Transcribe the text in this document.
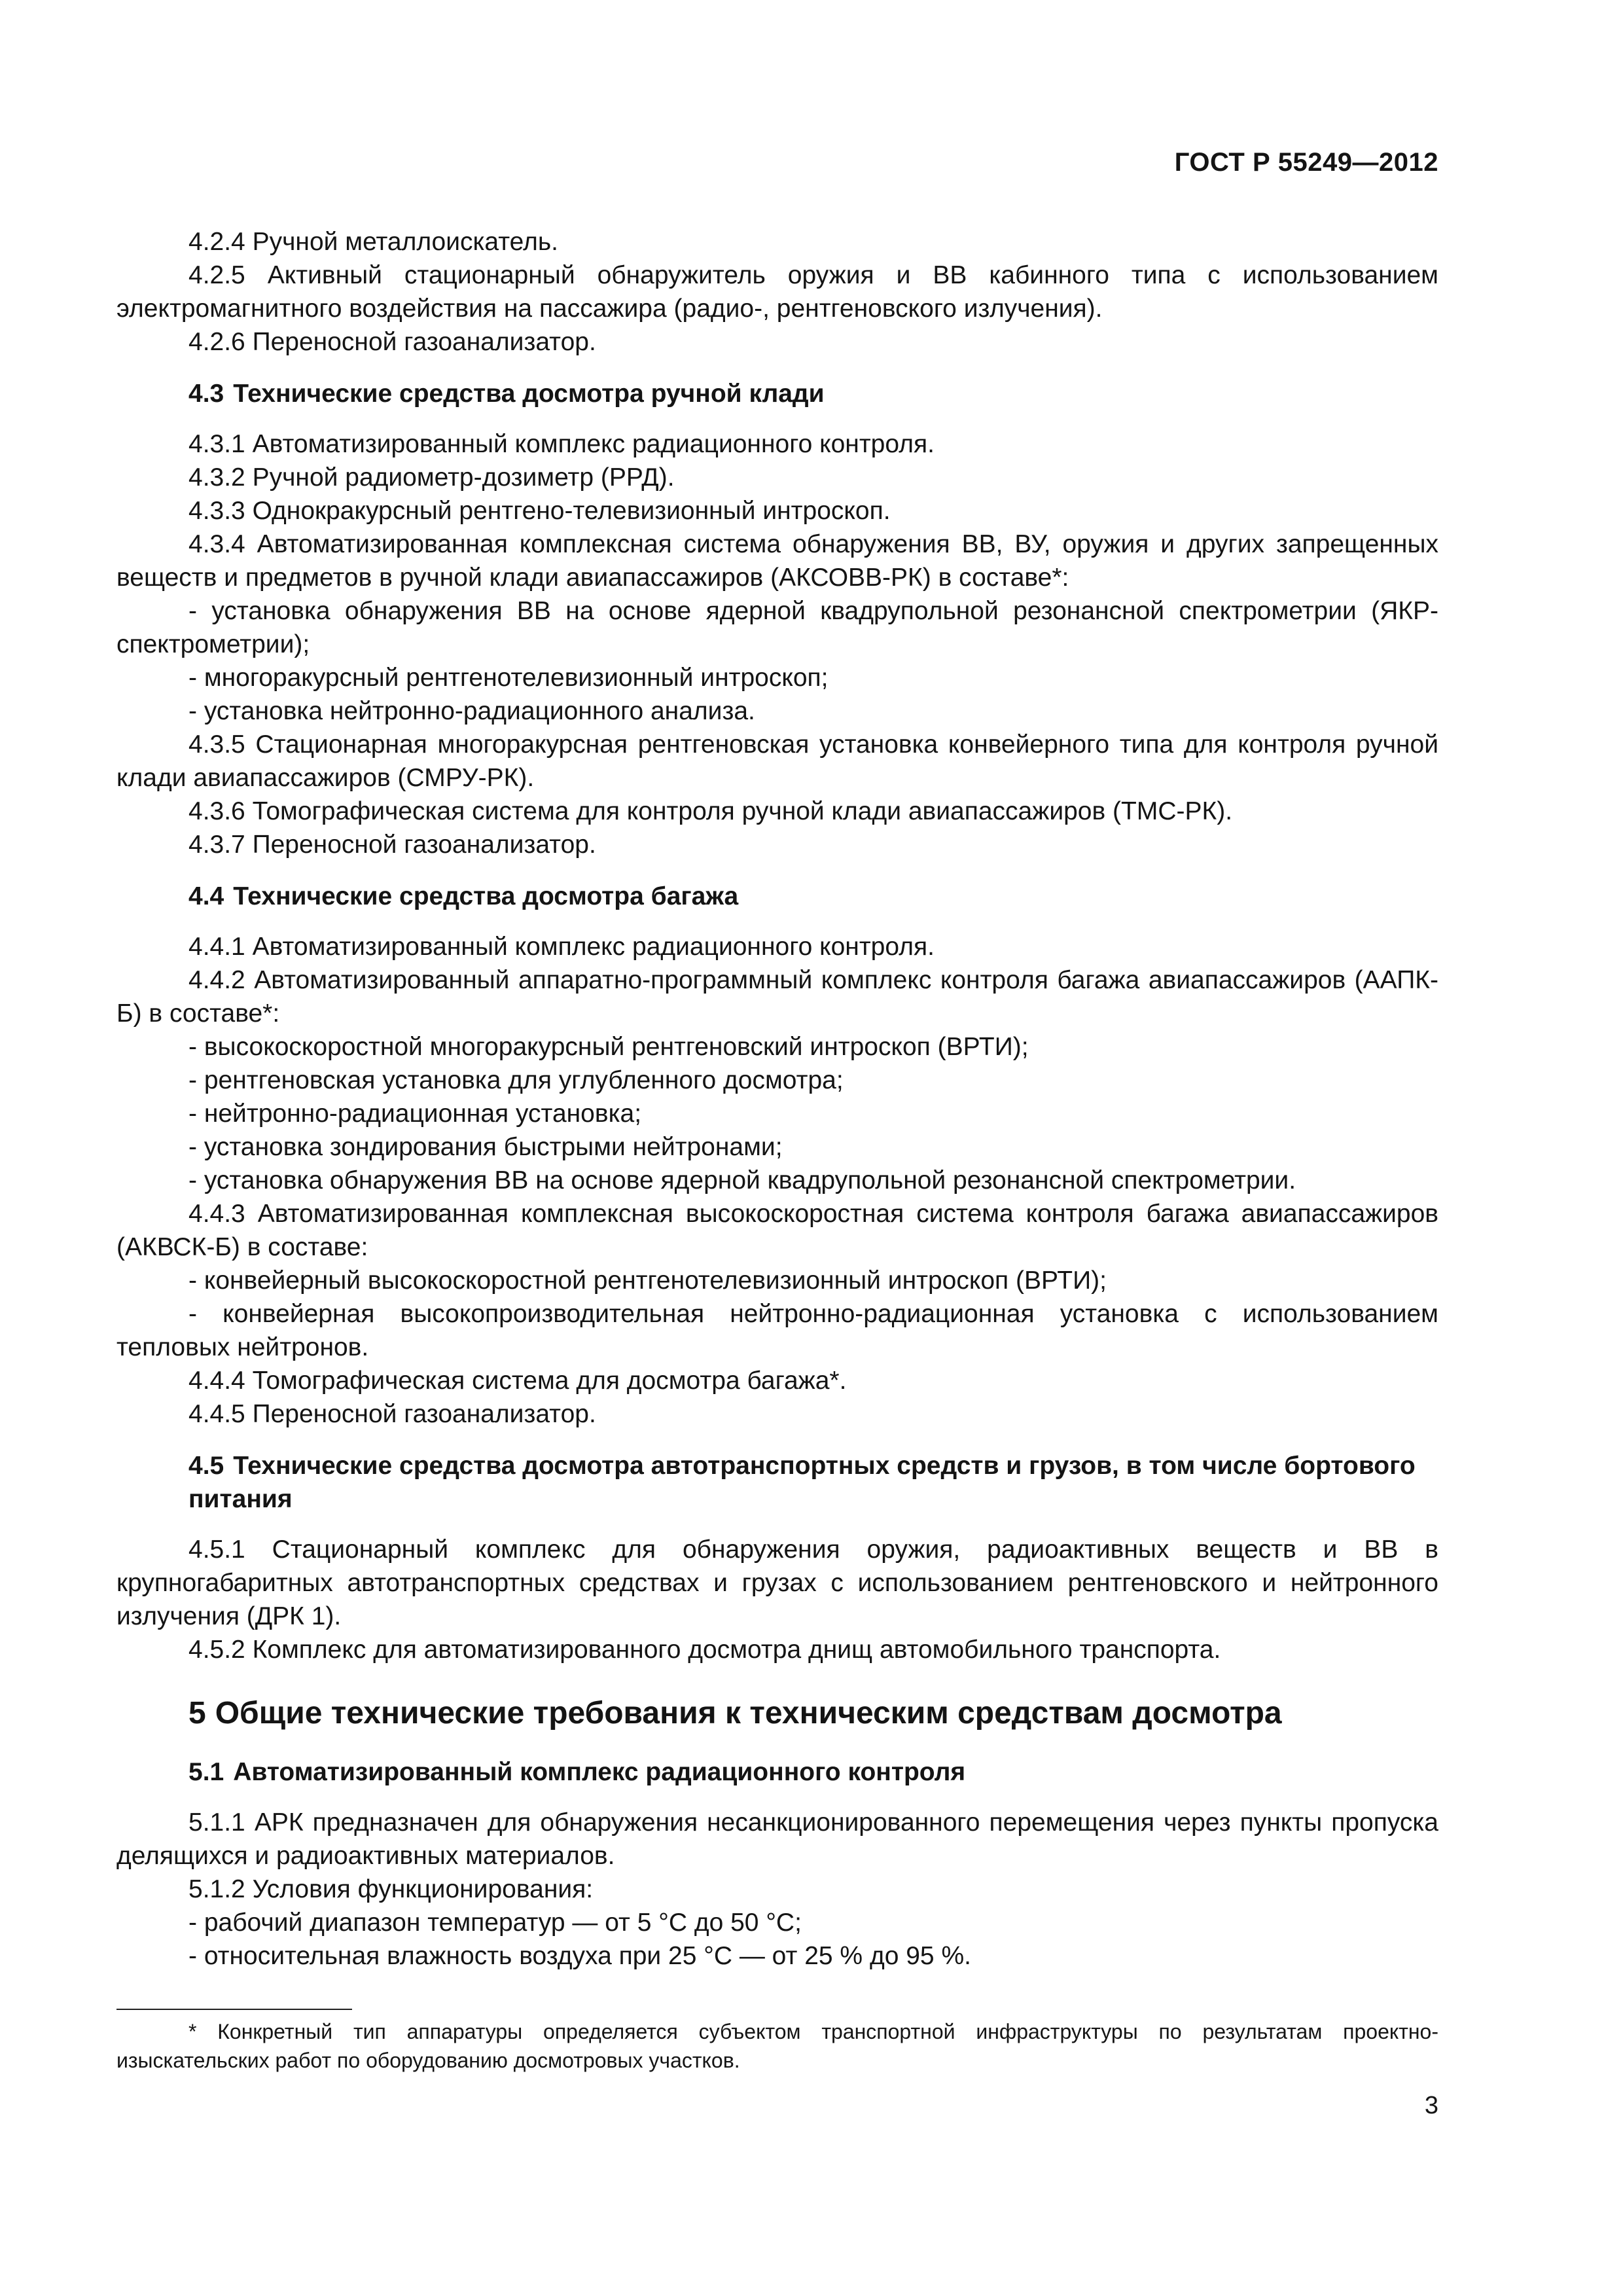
ГОСТ Р 55249—2012
4.2.4 Ручной металлоискатель.
4.2.5 Активный стационарный обнаружитель оружия и ВВ кабинного типа с использованием электромагнитного воздействия на пассажира (радио-, рентгеновского излучения).
4.2.6 Переносной газоанализатор.
4.3 Технические средства досмотра ручной клади
4.3.1 Автоматизированный комплекс радиационного контроля.
4.3.2 Ручной радиометр-дозиметр (РРД).
4.3.3 Однокракурсный рентгено-телевизионный интроскоп.
4.3.4 Автоматизированная комплексная система обнаружения ВВ, ВУ, оружия и других запрещенных веществ и предметов в ручной клади авиапассажиров (АКСОВВ-РК) в составе*:
- установка обнаружения ВВ на основе ядерной квадрупольной резонансной спектрометрии (ЯКР-спектрометрии);
- многоракурсный рентгенотелевизионный интроскоп;
- установка нейтронно-радиационного анализа.
4.3.5 Стационарная многоракурсная рентгеновская установка конвейерного типа для контроля ручной клади авиапассажиров (СМРУ-РК).
4.3.6 Томографическая система для контроля ручной клади авиапассажиров (ТМС-РК).
4.3.7 Переносной газоанализатор.
4.4 Технические средства досмотра багажа
4.4.1 Автоматизированный комплекс радиационного контроля.
4.4.2 Автоматизированный аппаратно-программный комплекс контроля багажа авиапассажиров (ААПК-Б) в составе*:
- высокоскоростной многоракурсный рентгеновский интроскоп (ВРТИ);
- рентгеновская установка для углубленного досмотра;
- нейтронно-радиационная установка;
- установка зондирования быстрыми нейтронами;
- установка обнаружения ВВ на основе ядерной квадрупольной резонансной спектрометрии.
4.4.3 Автоматизированная комплексная высокоскоростная система контроля багажа авиапассажиров (АКВСК-Б) в составе:
- конвейерный высокоскоростной рентгенотелевизионный интроскоп (ВРТИ);
- конвейерная высокопроизводительная нейтронно-радиационная установка с использованием тепловых нейтронов.
4.4.4 Томографическая система для досмотра багажа*.
4.4.5 Переносной газоанализатор.
4.5 Технические средства досмотра автотранспортных средств и грузов, в том числе бортового питания
4.5.1 Стационарный комплекс для обнаружения оружия, радиоактивных веществ и ВВ в крупногабаритных автотранспортных средствах и грузах с использованием рентгеновского и нейтронного излучения (ДРК 1).
4.5.2 Комплекс для автоматизированного досмотра днищ автомобильного транспорта.
5 Общие технические требования к техническим средствам досмотра
5.1 Автоматизированный комплекс радиационного контроля
5.1.1 АРК предназначен для обнаружения несанкционированного перемещения через пункты пропуска делящихся и радиоактивных материалов.
5.1.2 Условия функционирования:
- рабочий диапазон температур — от 5 °C до 50 °C;
- относительная влажность воздуха при 25 °C — от 25 % до 95 %.
* Конкретный тип аппаратуры определяется субъектом транспортной инфраструктуры по результатам проектно-изыскательских работ по оборудованию досмотровых участков.
3
